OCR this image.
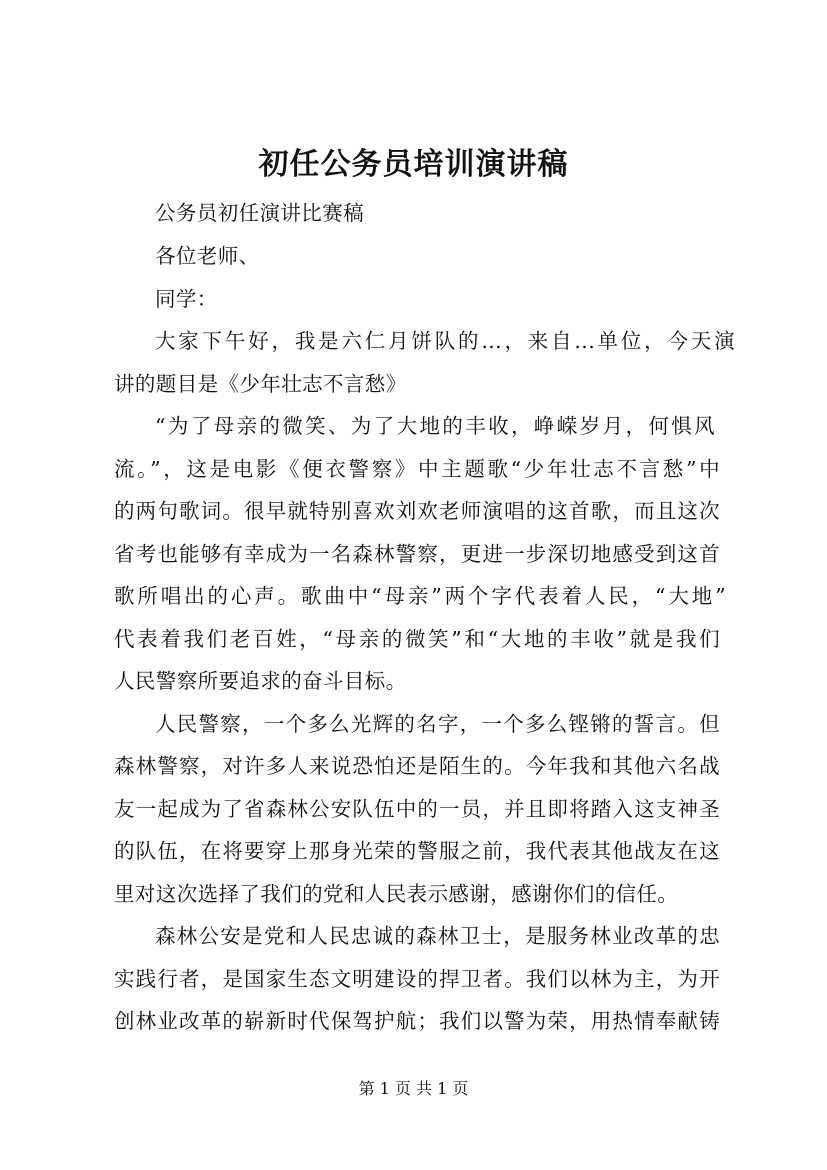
初任公务员培训演讲稿
公务员初任演讲比赛稿
各位老师、
同学：
大家下午好，我是六仁月饼队的...，来自...单位，今天演
讲的题目是《少年壮志不言愁》
“为了母亲的微笑、为了大地的丰收，峥嵘岁月，何惧风
流。”，这是电影《便衣警察》中主题歌“少年壮志不言愁”中
的两句歌词。很早就特别喜欢刘欢老师演唱的这首歌，而且这次
省考也能够有幸成为一名森林警察，更进一步深切地感受到这首
歌所唱出的心声。歌曲中“母亲”两个字代表着人民，“大地”
代表着我们老百姓，“母亲的微笑”和“大地的丰收”就是我们
人民警察所要追求的奋斗目标。
人民警察，一个多么光辉的名字，一个多么铿锵的誓言。但
森林警察，对许多人来说恐怕还是陌生的。今年我和其他六名战
友一起成为了省森林公安队伍中的一员，并且即将踏入这支神圣
的队伍，在将要穿上那身光荣的警服之前，我代表其他战友在这
里对这次选择了我们的党和人民表示感谢，感谢你们的信任。
森林公安是党和人民忠诚的森林卫士，是服务林业改革的忠
实践行者，是国家生态文明建设的捍卫者。我们以林为主，为开
创林业改革的崭新时代保驾护航；我们以警为荣，用热情奉献铸
第 1 页 共 1 页
